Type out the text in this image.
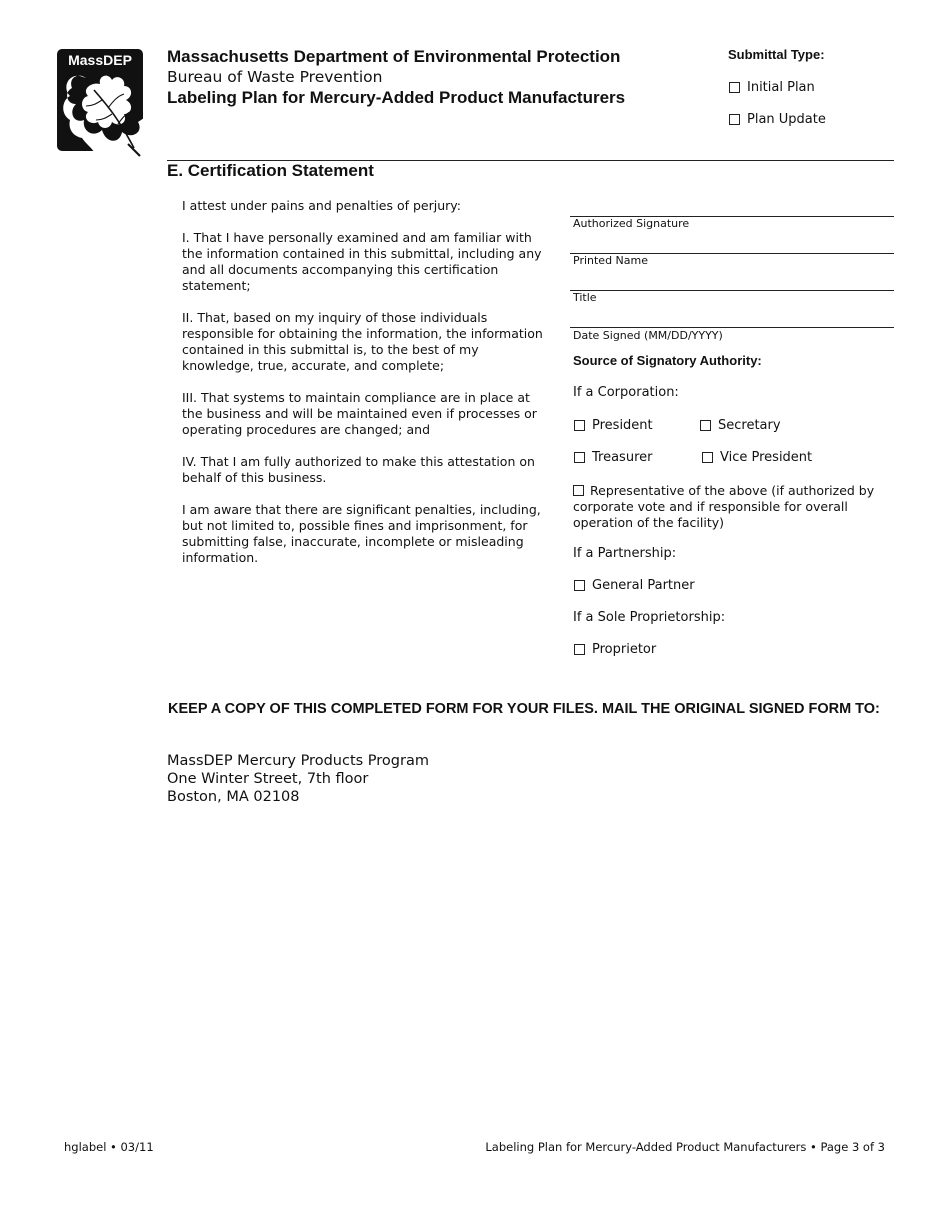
MassDEP Massachusetts Department of Environmental Protection
Bureau of Waste Prevention
Labeling Plan for Mercury-Added Product Manufacturers
Submittal Type:
Initial Plan
Plan Update
E. Certification Statement

I attest under pains and penalties of perjury:

I. That I have personally examined and am familiar with the information contained in this submittal, including any and all documents accompanying this certification statement;

II. That, based on my inquiry of those individuals responsible for obtaining the information, the information contained in this submittal is, to the best of my knowledge, true, accurate, and complete;

III. That systems to maintain compliance are in place at the business and will be maintained even if processes or operating procedures are changed; and

IV. That I am fully authorized to make this attestation on behalf of this business.

I am aware that there are significant penalties, including, but not limited to, possible fines and imprisonment, for submitting false, inaccurate, incomplete or misleading information.

Authorized Signature
Printed Name
Title
Date Signed (MM/DD/YYYY)
Source of Signatory Authority:
If a Corporation:
President	Secretary
Treasurer	Vice President
Representative of the above (if authorized by corporate vote and if responsible for overall operation of the facility)
If a Partnership:
General Partner
If a Sole Proprietorship:
Proprietor
KEEP A COPY OF THIS COMPLETED FORM FOR YOUR FILES. MAIL THE ORIGINAL SIGNED FORM TO:
MassDEP Mercury Products Program
One Winter Street, 7th floor
Boston, MA 02108
hglabel • 03/11	Labeling Plan for Mercury-Added Product Manufacturers • Page 3 of 3
